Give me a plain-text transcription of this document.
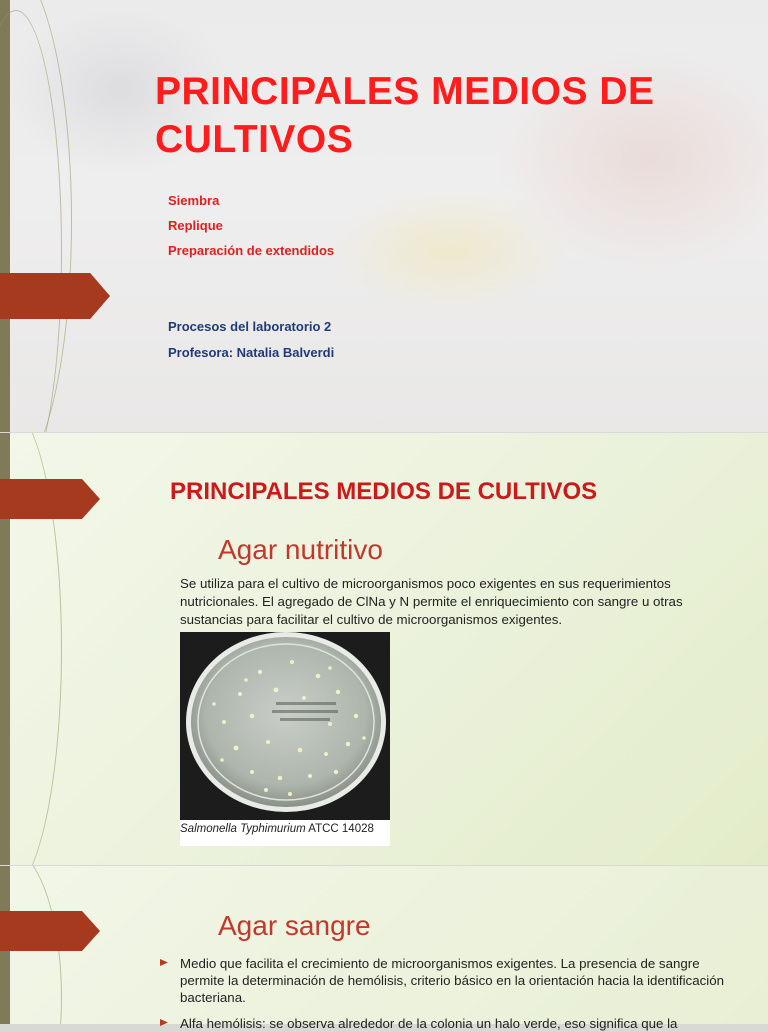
PRINCIPALES MEDIOS DE CULTIVOS
Siembra
Replique
Preparación de extendidos
Procesos del laboratorio 2
Profesora: Natalia Balverdi
PRINCIPALES MEDIOS DE CULTIVOS
Agar nutritivo
Se utiliza para el cultivo de microorganismos poco exigentes en sus requerimientos nutricionales. El agregado de ClNa y N permite el enriquecimiento con sangre u otras sustancias para facilitar el cultivo de microorganismos exigentes.
Salmonella Typhimurium ATCC 14028
Agar sangre
Medio que facilita el crecimiento de microorganismos exigentes. La presencia de sangre permite la determinación de hemólisis, criterio básico en la orientación hacia la identificación bacteriana.
Alfa hemólisis: se observa alrededor de la colonia un halo verde, eso significa que la
